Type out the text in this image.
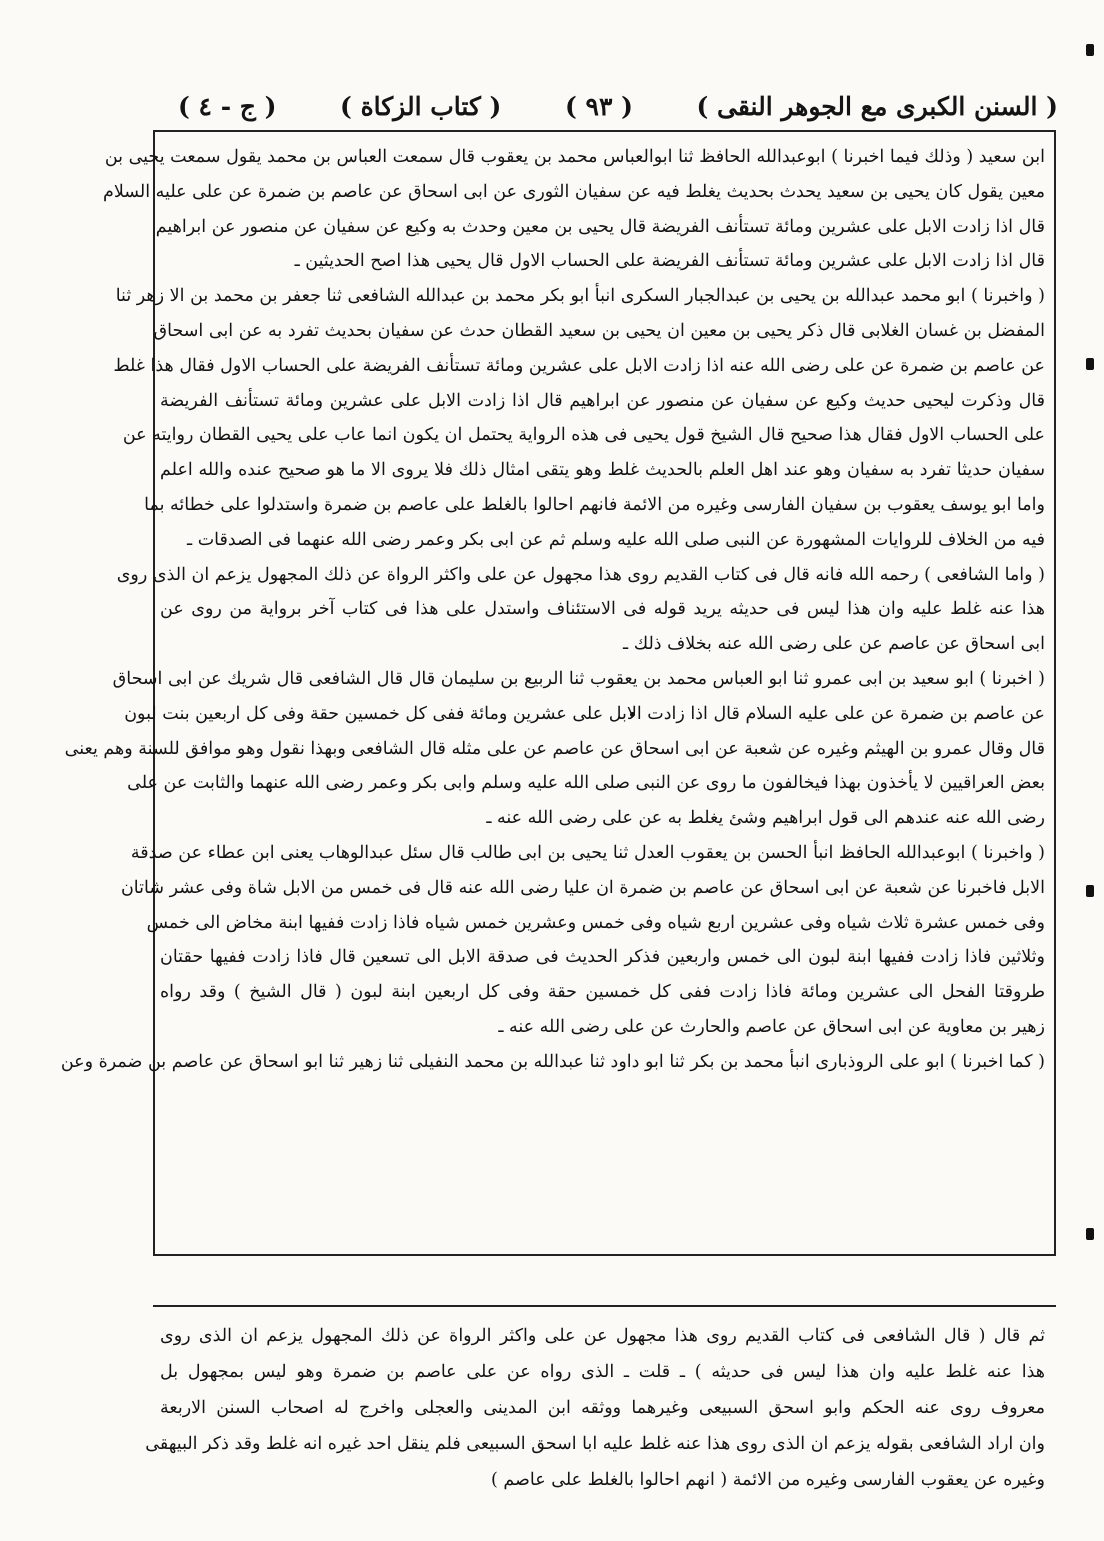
( السنن الكبرى مع الجوهر النقى )
( ٩٣ )
( كتاب الزكاة )
( ج - ٤ )
ابن سعيد ( وذلك فيما اخبرنا ) ابوعبدالله الحافظ ثنا ابوالعباس محمد بن يعقوب قال سمعت العباس بن محمد يقول سمعت يحيى بن
معين يقول كان يحيى بن سعيد يحدث بحديث يغلط فيه عن سفيان الثورى عن ابى اسحاق عن عاصم بن ضمرة عن على عليه السلام
قال اذا زادت الابل على عشرين ومائة تستأنف الفريضة قال يحيى بن معين وحدث به وكيع عن سفيان عن منصور عن ابراهيم
قال اذا زادت الابل على عشرين ومائة تستأنف الفريضة على الحساب الاول قال يحيى هذا اصح الحديثين ـ
( واخبرنا ) ابو محمد عبدالله بن يحيى بن عبدالجبار السكرى انبأ ابو بكر محمد بن عبدالله الشافعى ثنا جعفر بن محمد بن الا زهر ثنا
المفضل بن غسان الغلابى قال ذكر يحيى بن معين ان يحيى بن سعيد القطان حدث عن سفيان بحديث تفرد به عن ابى اسحاق
عن عاصم بن ضمرة عن على رضى الله عنه اذا زادت الابل على عشرين ومائة تستأنف الفريضة على الحساب الاول فقال هذا غلط
قال وذكرت ليحيى حديث وكيع عن سفيان عن منصور عن ابراهيم قال اذا زادت الابل على عشرين ومائة تستأنف الفريضة
على الحساب الاول فقال هذا صحيح قال الشيخ قول يحيى فى هذه الرواية يحتمل ان يكون انما عاب على يحيى القطان روايته عن
سفيان حديثا تفرد به سفيان وهو عند اهل العلم بالحديث غلط وهو يتقى امثال ذلك فلا يروى الا ما هو صحيح عنده والله اعلم
واما ابو يوسف يعقوب بن سفيان الفارسى وغيره من الائمة فانهم احالوا بالغلط على عاصم بن ضمرة واستدلوا على خطائه بما
فيه من الخلاف للروايات المشهورة عن النبى صلى الله عليه وسلم ثم عن ابى بكر وعمر رضى الله عنهما فى الصدقات ـ
( واما الشافعى ) رحمه الله فانه قال فى كتاب القديم روى هذا مجهول عن على واكثر الرواة عن ذلك المجهول يزعم ان الذى روى
هذا عنه غلط عليه وان هذا ليس فى حديثه يريد قوله فى الاستئناف واستدل على هذا فى كتاب آخر برواية من روى عن
ابى اسحاق عن عاصم عن على رضى الله عنه بخلاف ذلك ـ
( اخبرنا ) ابو سعيد بن ابى عمرو ثنا ابو العباس محمد بن يعقوب ثنا الربيع بن سليمان قال قال الشافعى قال شريك عن ابى اسحاق
عن عاصم بن ضمرة عن على عليه السلام قال اذا زادت الابل على عشرين ومائة ففى كل خمسين حقة وفى كل اربعين بنت لبون
قال وقال عمرو بن الهيثم وغيره عن شعبة عن ابى اسحاق عن عاصم عن على مثله قال الشافعى وبهذا نقول وهو موافق للسنة وهم يعنى
بعض العراقيين لا يأخذون بهذا فيخالفون ما روى عن النبى صلى الله عليه وسلم وابى بكر وعمر رضى الله عنهما والثابت عن على
رضى الله عنه عندهم الى قول ابراهيم وشئ يغلط به عن على رضى الله عنه ـ
( واخبرنا ) ابوعبدالله الحافظ انبأ الحسن بن يعقوب العدل ثنا يحيى بن ابى طالب قال سئل عبدالوهاب يعنى ابن عطاء عن صدقة
الابل فاخبرنا عن شعبة عن ابى اسحاق عن عاصم بن ضمرة ان عليا رضى الله عنه قال فى خمس من الابل شاة وفى عشر شاتان
وفى خمس عشرة ثلاث شياه وفى عشرين اربع شياه وفى خمس وعشرين خمس شياه فاذا زادت ففيها ابنة مخاض الى خمس
وثلاثين فاذا زادت ففيها ابنة لبون الى خمس واربعين فذكر الحديث فى صدقة الابل الى تسعين قال فاذا زادت ففيها حقتان
طروقتا الفحل الى عشرين ومائة فاذا زادت ففى كل خمسين حقة وفى كل اربعين ابنة لبون ( قال الشيخ ) وقد رواه
زهير بن معاوية عن ابى اسحاق عن عاصم والحارث عن على رضى الله عنه ـ
( كما اخبرنا ) ابو على الروذبارى انبأ محمد بن بكر ثنا ابو داود ثنا عبدالله بن محمد النفيلى ثنا زهير ثنا ابو اسحاق عن عاصم بن ضمرة وعن
ثم قال ( قال الشافعى فى كتاب القديم روى هذا مجهول عن على واكثر الرواة عن ذلك المجهول يزعم ان الذى روى
هذا عنه غلط عليه وان هذا ليس فى حديثه ) ـ قلت ـ الذى رواه عن على عاصم بن ضمرة وهو ليس بمجهول بل
معروف روى عنه الحكم وابو اسحق السبيعى وغيرهما ووثقه ابن المدينى والعجلى واخرج له اصحاب السنن الاربعة
وان اراد الشافعى بقوله يزعم ان الذى روى هذا عنه غلط عليه ابا اسحق السبيعى فلم ينقل احد غيره انه غلط وقد ذكر البيهقى
وغيره عن يعقوب الفارسى وغيره من الائمة ( انهم احالوا بالغلط على عاصم )
